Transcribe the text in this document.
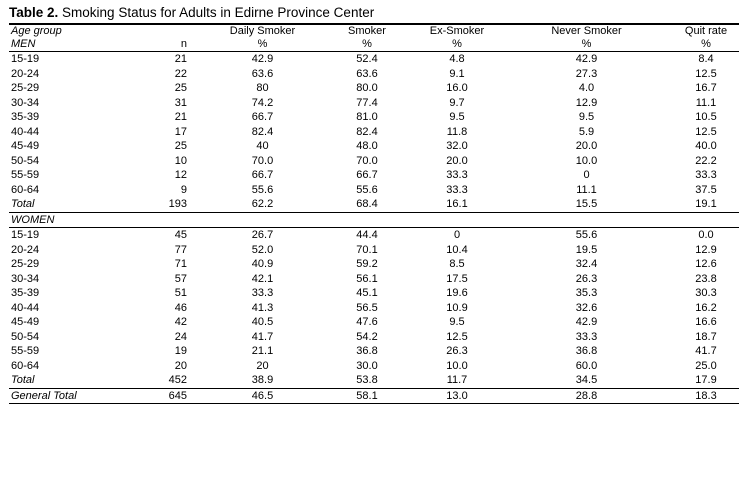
Table 2. Smoking Status for Adults in Edirne Province Center
Age group		Daily Smoker	Smoker	Ex-Smoker	Never Smoker	Quit rate
MEN	n	%	%	%	%	%
15-19	21	42.9	52.4	4.8	42.9	8.4
20-24	22	63.6	63.6	9.1	27.3	12.5
25-29	25	80	80.0	16.0	4.0	16.7
30-34	31	74.2	77.4	9.7	12.9	11.1
35-39	21	66.7	81.0	9.5	9.5	10.5
40-44	17	82.4	82.4	11.8	5.9	12.5
45-49	25	40	48.0	32.0	20.0	40.0
50-54	10	70.0	70.0	20.0	10.0	22.2
55-59	12	66.7	66.7	33.3	0	33.3
60-64	9	55.6	55.6	33.3	11.1	37.5
Total	193	62.2	68.4	16.1	15.5	19.1
WOMEN						
15-19	45	26.7	44.4	0	55.6	0.0
20-24	77	52.0	70.1	10.4	19.5	12.9
25-29	71	40.9	59.2	8.5	32.4	12.6
30-34	57	42.1	56.1	17.5	26.3	23.8
35-39	51	33.3	45.1	19.6	35.3	30.3
40-44	46	41.3	56.5	10.9	32.6	16.2
45-49	42	40.5	47.6	9.5	42.9	16.6
50-54	24	41.7	54.2	12.5	33.3	18.7
55-59	19	21.1	36.8	26.3	36.8	41.7
60-64	20	20	30.0	10.0	60.0	25.0
Total	452	38.9	53.8	11.7	34.5	17.9
General Total	645	46.5	58.1	13.0	28.8	18.3
